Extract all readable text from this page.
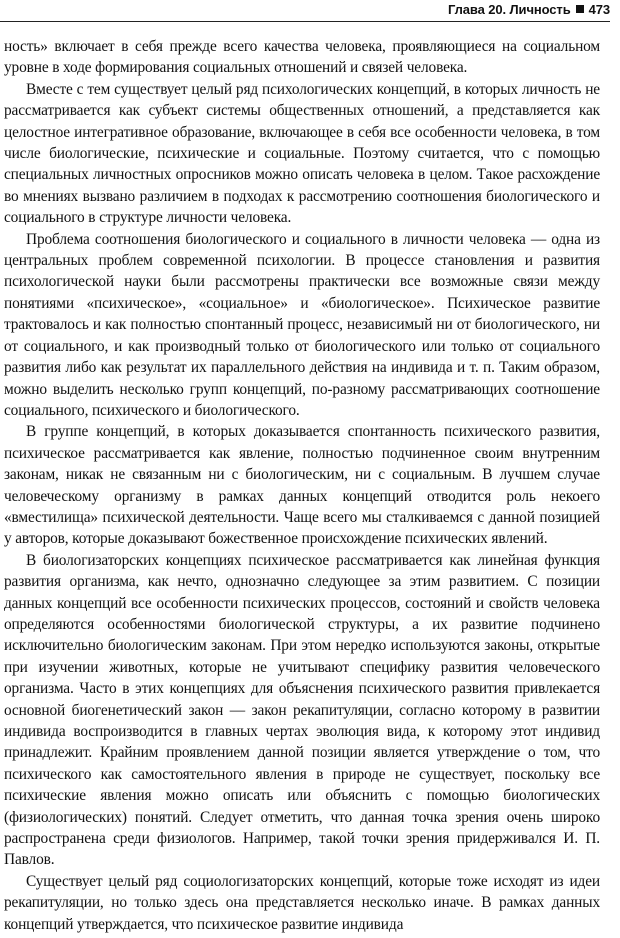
Глава 20. Личность 473

ность» включает в себя прежде всего качества человека, проявляющиеся на социальном уровне в ходе формирования социальных отношений и связей человека.

Вместе с тем существует целый ряд психологических концепций, в которых личность не рассматривается как субъект системы общественных отношений, а представляется как целостное интегративное образование, включающее в себя все особенности человека, в том числе биологические, психические и социальные. Поэтому считается, что с помощью специальных личностных опросников можно описать человека в целом. Такое расхождение во мнениях вызвано различием в подходах к рассмотрению соотношения биологического и социального в структуре личности человека.

Проблема соотношения биологического и социального в личности человека — одна из центральных проблем современной психологии. В процессе становления и развития психологической науки были рассмотрены практически все возможные связи между понятиями «психическое», «социальное» и «биологическое». Психическое развитие трактовалось и как полностью спонтанный процесс, независимый ни от биологического, ни от социального, и как производный только от биологического или только от социального развития либо как результат их параллельного действия на индивида и т. п. Таким образом, можно выделить несколько групп концепций, по-разному рассматривающих соотношение социального, психического и биологического.

В группе концепций, в которых доказывается спонтанность психического развития, психическое рассматривается как явление, полностью подчиненное своим внутренним законам, никак не связанным ни с биологическим, ни с социальным. В лучшем случае человеческому организму в рамках данных концепций отводится роль некоего «вместилища» психической деятельности. Чаще всего мы сталкиваемся с данной позицией у авторов, которые доказывают божественное происхождение психических явлений.

В биологизаторских концепциях психическое рассматривается как линейная функция развития организма, как нечто, однозначно следующее за этим развитием. С позиции данных концепций все особенности психических процессов, состояний и свойств человека определяются особенностями биологической структуры, а их развитие подчинено исключительно биологическим законам. При этом нередко используются законы, открытые при изучении животных, которые не учитывают специфику развития человеческого организма. Часто в этих концепциях для объяснения психического развития привлекается основной биогенетический закон — закон рекапитуляции, согласно которому в развитии индивида воспроизводится в главных чертах эволюция вида, к которому этот индивид принадлежит. Крайним проявлением данной позиции является утверждение о том, что психического как самостоятельного явления в природе не существует, поскольку все психические явления можно описать или объяснить с помощью биологических (физиологических) понятий. Следует отметить, что данная точка зрения очень широко распространена среди физиологов. Например, такой точки зрения придерживался И. П. Павлов.

Существует целый ряд социологизаторских концепций, которые тоже исходят из идеи рекапитуляции, но только здесь она представляется несколько иначе. В рамках данных концепций утверждается, что психическое развитие индивида
